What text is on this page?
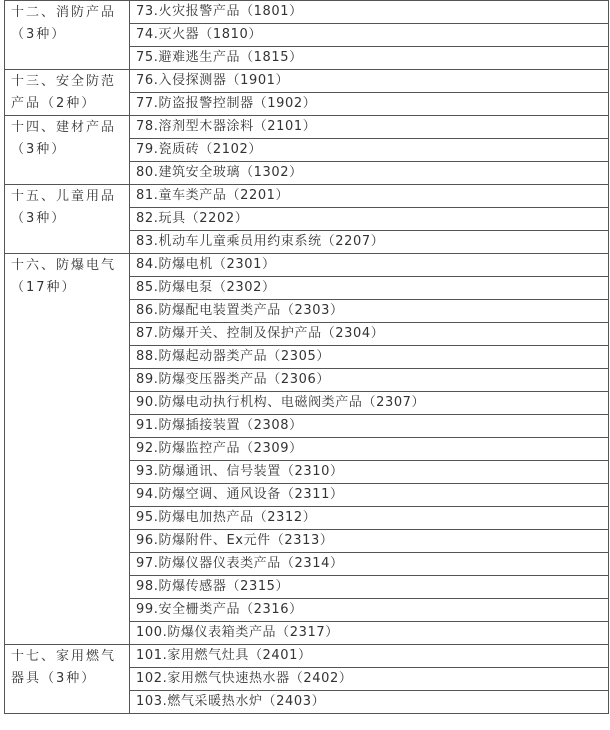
十二、消防产品（3种）	73.火灾报警产品（1801）
	74.灭火器（1810）
	75.避难逃生产品（1815）
十三、安全防范产品（2种）	76.入侵探测器（1901）
	77.防盗报警控制器（1902）
十四、建材产品（3种）	78.溶剂型木器涂料（2101）
	79.瓷质砖（2102）
	80.建筑安全玻璃（1302）
十五、儿童用品（3种）	81.童车类产品（2201）
	82.玩具（2202）
	83.机动车儿童乘员用约束系统（2207）
十六、防爆电气（17种）	84.防爆电机（2301）
	85.防爆电泵（2302）
	86.防爆配电装置类产品（2303）
	87.防爆开关、控制及保护产品（2304）
	88.防爆起动器类产品（2305）
	89.防爆变压器类产品（2306）
	90.防爆电动执行机构、电磁阀类产品（2307）
	91.防爆插接装置（2308）
	92.防爆监控产品（2309）
	93.防爆通讯、信号装置（2310）
	94.防爆空调、通风设备（2311）
	95.防爆电加热产品（2312）
	96.防爆附件、Ex元件（2313）
	97.防爆仪器仪表类产品（2314）
	98.防爆传感器（2315）
	99.安全栅类产品（2316）
	100.防爆仪表箱类产品（2317）
十七、家用燃气器具（3种）	101.家用燃气灶具（2401）
	102.家用燃气快速热水器（2402）
	103.燃气采暖热水炉（2403）
